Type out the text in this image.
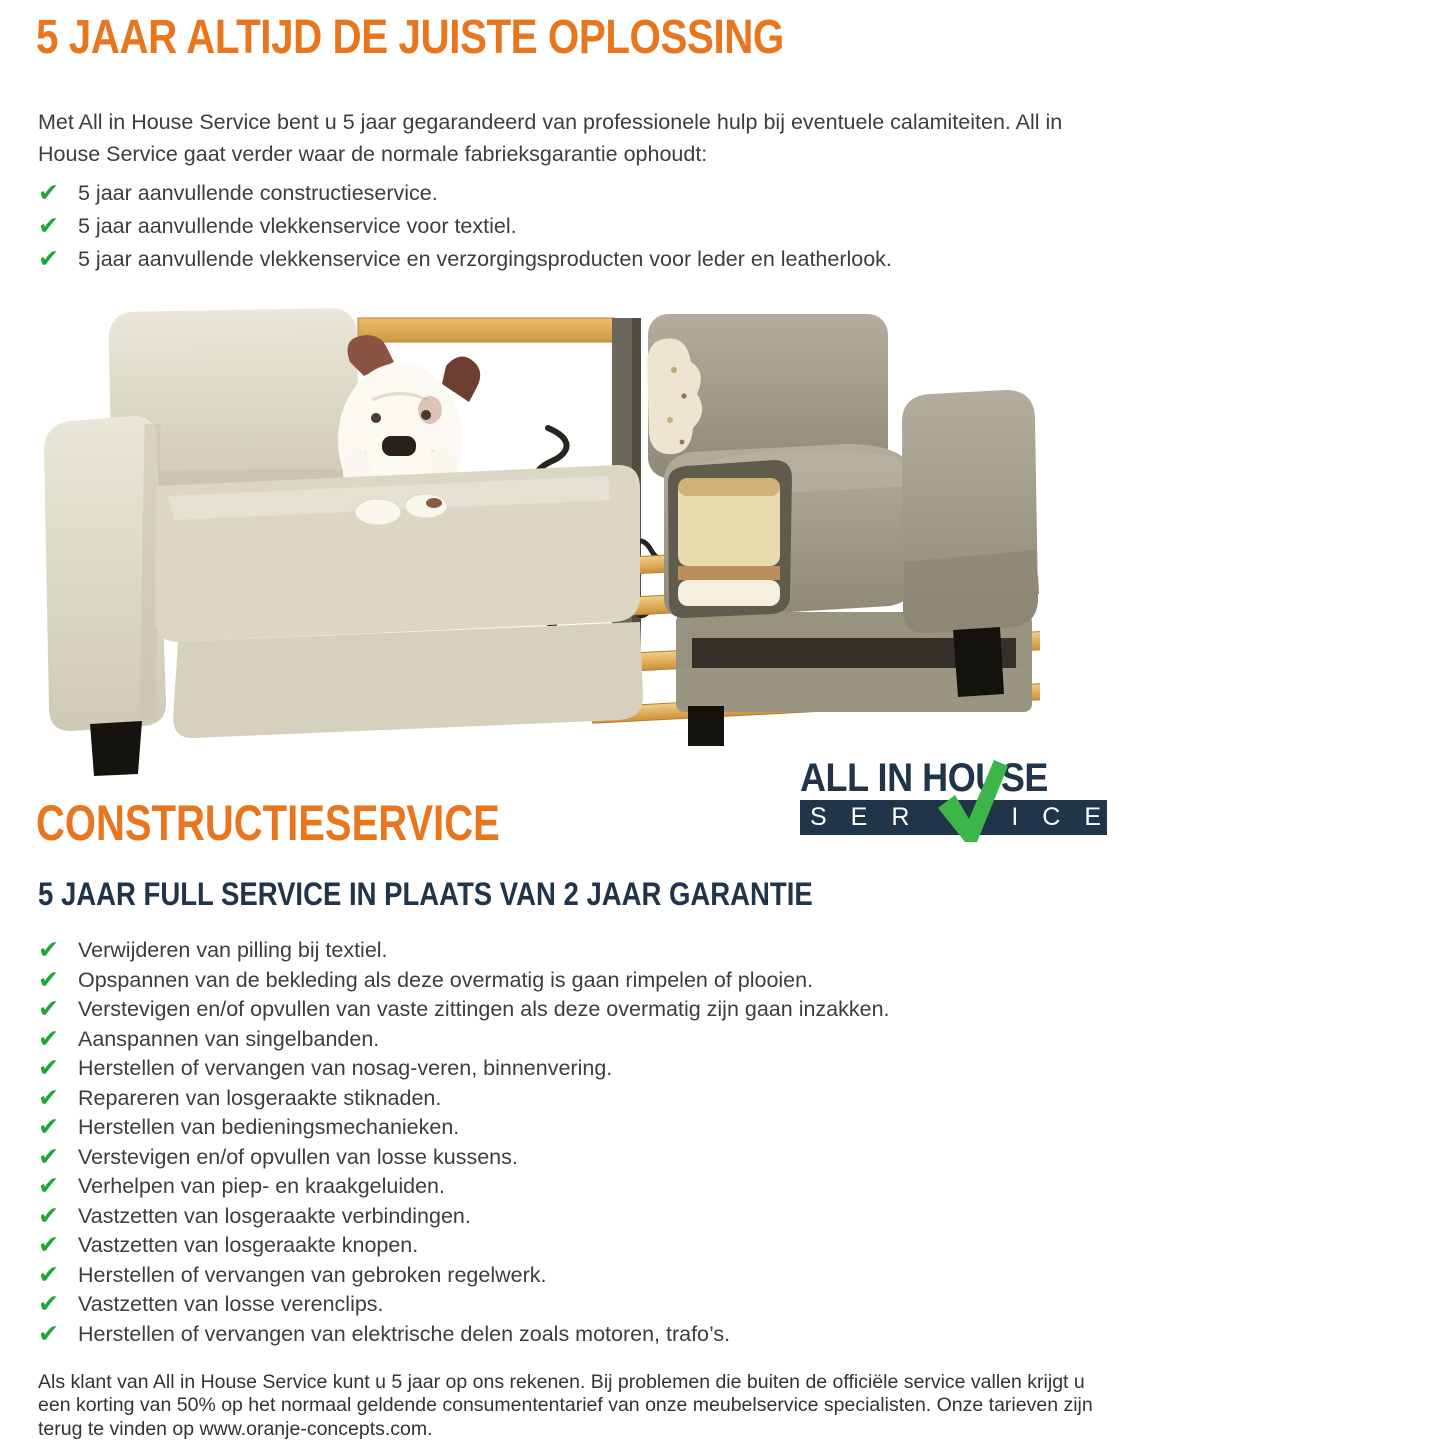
5 JAAR ALTIJD DE JUISTE OPLOSSING

Met All in House Service bent u 5 jaar gegarandeerd van professionele hulp bij eventuele calamiteiten. All in House Service gaat verder waar de normale fabrieksgarantie ophoudt:

✔ 5 jaar aanvullende constructieservice.
✔ 5 jaar aanvullende vlekkenservice voor textiel.
✔ 5 jaar aanvullende vlekkenservice en verzorgingsproducten voor leder en leatherlook.
ALL IN HOUSE
SER	ICE
CONSTRUCTIESERVICE
5 JAAR FULL SERVICE IN PLAATS VAN 2 JAAR GARANTIE
✔ Verwijderen van pilling bij textiel.
✔ Opspannen van de bekleding als deze overmatig is gaan rimpelen of plooien.
✔ Verstevigen en/of opvullen van vaste zittingen als deze overmatig zijn gaan inzakken.
✔ Aanspannen van singelbanden.
✔ Herstellen of vervangen van nosag-veren, binnenvering.
✔ Repareren van losgeraakte stiknaden.
✔ Herstellen van bedieningsmechanieken.
✔ Verstevigen en/of opvullen van losse kussens.
✔ Verhelpen van piep- en kraakgeluiden.
✔ Vastzetten van losgeraakte verbindingen.
✔ Vastzetten van losgeraakte knopen.
✔ Herstellen of vervangen van gebroken regelwerk.
✔ Vastzetten van losse verenclips.
✔ Herstellen of vervangen van elektrische delen zoals motoren, trafo’s.

Als klant van All in House Service kunt u 5 jaar op ons rekenen. Bij problemen die buiten de officiële service vallen krijgt u een korting van 50% op het normaal geldende consumententarief van onze meubelservice specialisten. Onze tarieven zijn terug te vinden op www.oranje-concepts.com.
